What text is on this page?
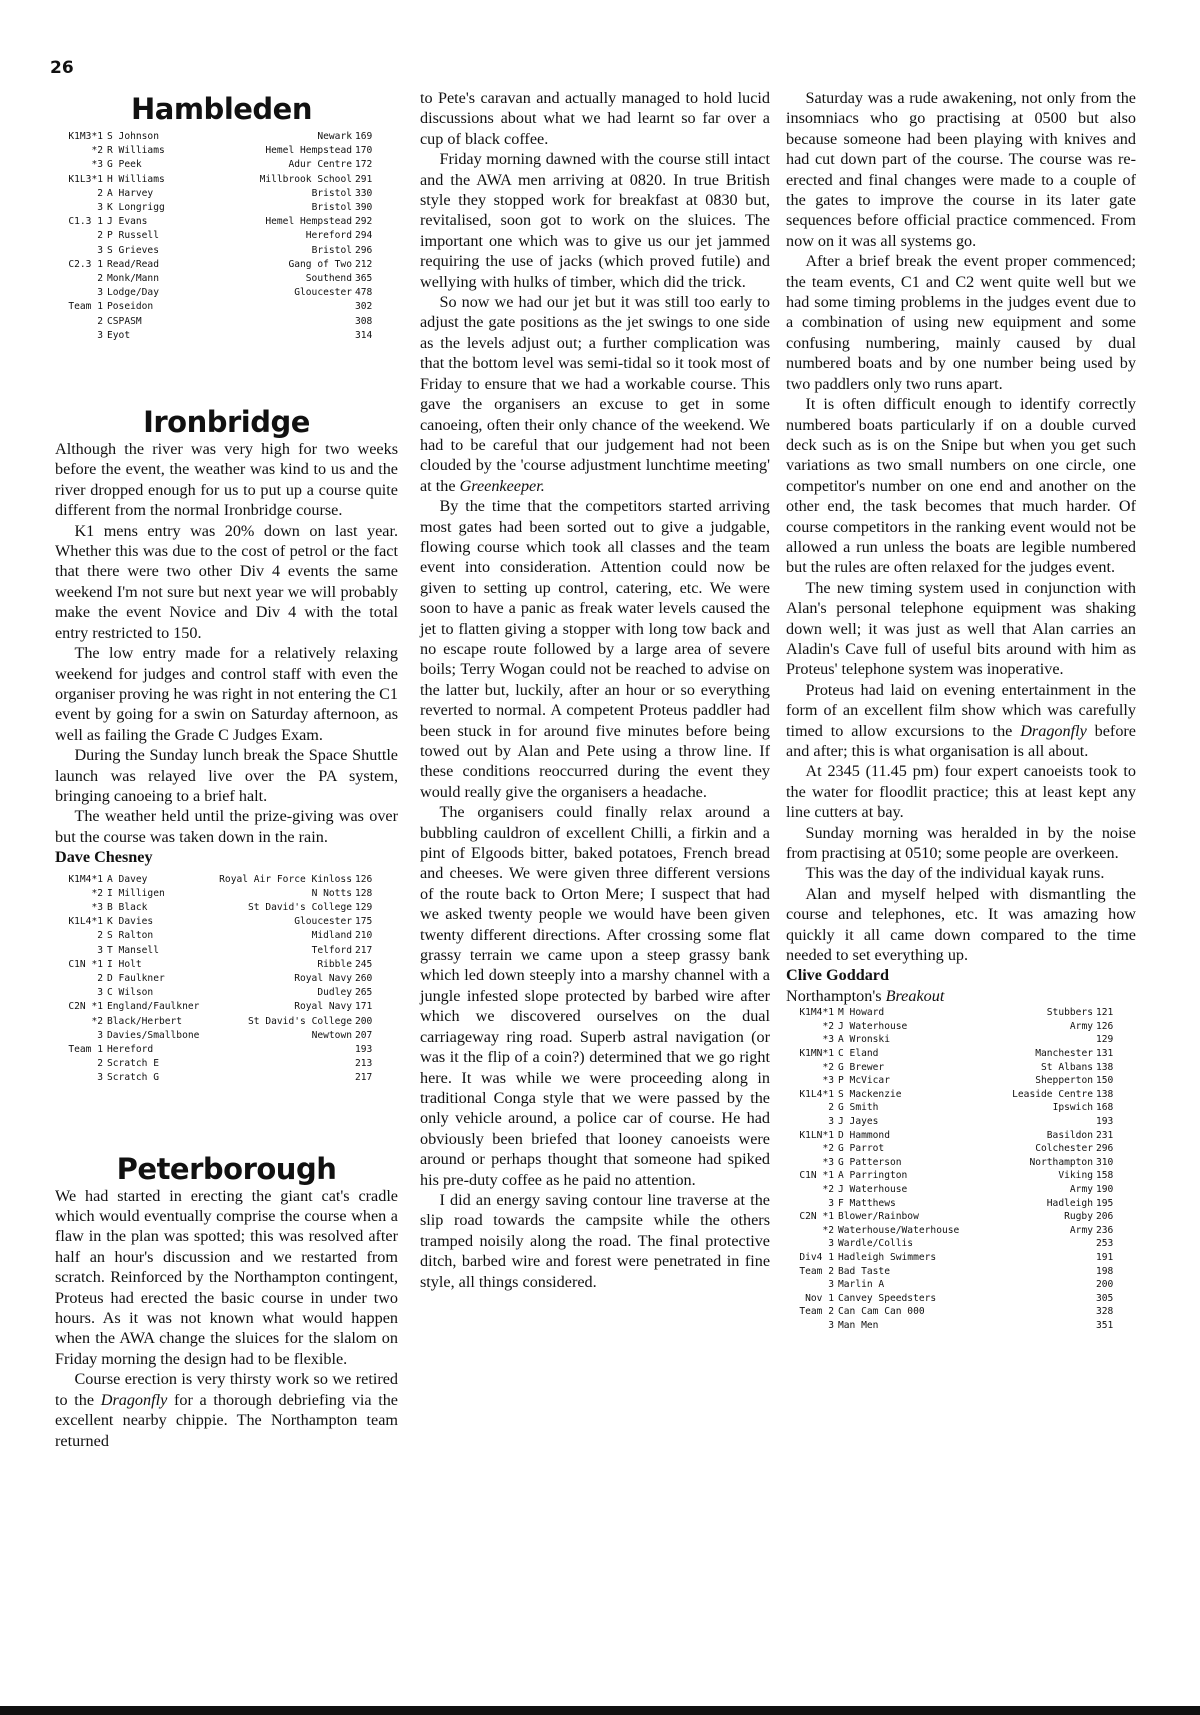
26
Hambleden
K1M3*1 S Johnson	Newark 169
*2 R Williams	Hemel Hempstead 170
*3 G Peek	Adur Centre 172
K1L3*1 H Williams	Millbrook School 291
2 A Harvey	Bristol 330
3 K Longrigg	Bristol 390
C1.3 1 J Evans	Hemel Hempstead 292
2 P Russell	Hereford 294
3 S Grieves	Bristol 296
C2.3 1 Read/Read	Gang of Two 212
2 Monk/Mann	Southend 365
3 Lodge/Day	Gloucester 478
Team 1 Poseidon	302
2 CSPASM	308
3 Eyot	314
Ironbridge

Although the river was very high for two weeks before the event, the weather was kind to us and the river dropped enough for us to put up a course quite different from the normal Ironbridge course.

K1 mens entry was 20% down on last year. Whether this was due to the cost of petrol or the fact that there were two other Div 4 events the same weekend I'm not sure but next year we will probably make the event Novice and Div 4 with the total entry restricted to 150.

The low entry made for a relatively relaxing weekend for judges and control staff with even the organiser proving he was right in not entering the C1 event by going for a swin on Saturday afternoon, as well as failing the Grade C Judges Exam.

During the Sunday lunch break the Space Shuttle launch was relayed live over the PA system, bringing canoeing to a brief halt.

The weather held until the prize-giving was over but the course was taken down in the rain.

Dave Chesney
K1M4*1 A Davey	Royal Air Force Kinloss 126
*2 I Milligen	N Notts 128
*3 B Black	St David's College 129
K1L4*1 K Davies	Gloucester 175
2 S Ralton	Midland 210
3 T Mansell	Telford 217
C1N *1 I Holt	Ribble 245
2 D Faulkner	Royal Navy 260
3 C Wilson	Dudley 265
C2N *1 England/Faulkner	Royal Navy 171
*2 Black/Herbert	St David's College 200
3 Davies/Smallbone	Newtown 207
Team 1 Hereford	193
2 Scratch E	213
3 Scratch G	217
Peterborough

We had started in erecting the giant cat's cradle which would eventually comprise the course when a flaw in the plan was spotted; this was resolved after half an hour's discussion and we restarted from scratch. Reinforced by the Northampton contingent, Proteus had erected the basic course in under two hours. As it was not known what would happen when the AWA change the sluices for the slalom on Friday morning the design had to be flexible.

Course erection is very thirsty work so we retired to the Dragonfly for a thorough debriefing via the excellent nearby chippie. The Northampton team returned

to Pete's caravan and actually managed to hold lucid discussions about what we had learnt so far over a cup of black coffee.

Friday morning dawned with the course still intact and the AWA men arriving at 0820. In true British style they stopped work for breakfast at 0830 but, revitalised, soon got to work on the sluices. The important one which was to give us our jet jammed requiring the use of jacks (which proved futile) and wellying with hulks of timber, which did the trick.

So now we had our jet but it was still too early to adjust the gate positions as the jet swings to one side as the levels adjust out; a further complication was that the bottom level was semi-tidal so it took most of Friday to ensure that we had a workable course. This gave the organisers an excuse to get in some canoeing, often their only chance of the weekend. We had to be careful that our judgement had not been clouded by the 'course adjustment lunchtime meeting' at the Greenkeeper.

By the time that the competitors started arriving most gates had been sorted out to give a judgable, flowing course which took all classes and the team event into consideration. Attention could now be given to setting up control, catering, etc. We were soon to have a panic as freak water levels caused the jet to flatten giving a stopper with long tow back and no escape route followed by a large area of severe boils; Terry Wogan could not be reached to advise on the latter but, luckily, after an hour or so everything reverted to normal. A competent Proteus paddler had been stuck in for around five minutes before being towed out by Alan and Pete using a throw line. If these conditions reoccurred during the event they would really give the organisers a headache.

The organisers could finally relax around a bubbling cauldron of excellent Chilli, a firkin and a pint of Elgoods bitter, baked potatoes, French bread and cheeses. We were given three different versions of the route back to Orton Mere; I suspect that had we asked twenty people we would have been given twenty different directions. After crossing some flat grassy terrain we came upon a steep grassy bank which led down steeply into a marshy channel with a jungle infested slope protected by barbed wire after which we discovered ourselves on the dual carriageway ring road. Superb astral navigation (or was it the flip of a coin?) determined that we go right here. It was while we were proceeding along in traditional Conga style that we were passed by the only vehicle around, a police car of course. He had obviously been briefed that looney canoeists were around or perhaps thought that someone had spiked his pre-duty coffee as he paid no attention.

I did an energy saving contour line traverse at the slip road towards the campsite while the others tramped noisily along the road. The final protective ditch, barbed wire and forest were penetrated in fine style, all things considered.

Saturday was a rude awakening, not only from the insomniacs who go practising at 0500 but also because someone had been playing with knives and had cut down part of the course. The course was re-erected and final changes were made to a couple of the gates to improve the course in its later gate sequences before official practice commenced. From now on it was all systems go.

After a brief break the event proper commenced; the team events, C1 and C2 went quite well but we had some timing problems in the judges event due to a combination of using new equipment and some confusing numbering, mainly caused by dual numbered boats and by one number being used by two paddlers only two runs apart.

It is often difficult enough to identify correctly numbered boats particularly if on a double curved deck such as is on the Snipe but when you get such variations as two small numbers on one circle, one competitor's number on one end and another on the other end, the task becomes that much harder. Of course competitors in the ranking event would not be allowed a run unless the boats are legible numbered but the rules are often relaxed for the judges event.

The new timing system used in conjunction with Alan's personal telephone equipment was shaking down well; it was just as well that Alan carries an Aladin's Cave full of useful bits around with him as Proteus' telephone system was inoperative.

Proteus had laid on evening entertainment in the form of an excellent film show which was carefully timed to allow excursions to the Dragonfly before and after; this is what organisation is all about.

At 2345 (11.45 pm) four expert canoeists took to the water for floodlit practice; this at least kept any line cutters at bay.

Sunday morning was heralded in by the noise from practising at 0510; some people are overkeen.

This was the day of the individual kayak runs.

Alan and myself helped with dismantling the course and telephones, etc. It was amazing how quickly it all came down compared to the time needed to set everything up.

Clive Goddard
Northampton's Breakout
K1M4*1 M Howard	Stubbers 121
*2 J Waterhouse	Army 126
*3 A Wronski	129
K1MN*1 C Eland	Manchester 131
*2 G Brewer	St Albans 138
*3 P McVicar	Shepperton 150
K1L4*1 S Mackenzie	Leaside Centre 138
2 G Smith	Ipswich 168
3 J Jayes	193
K1LN*1 D Hammond	Basildon 231
*2 G Parrot	Colchester 296
*3 G Patterson	Northampton 310
C1N *1 A Parrington	Viking 158
*2 J Waterhouse	Army 190
3 F Matthews	Hadleigh 195
C2N *1 Blower/Rainbow	Rugby 206
*2 Waterhouse/Waterhouse	Army 236
3 Wardle/Collis	253
Div4 1 Hadleigh Swimmers	191
Team 2 Bad Taste	198
3 Marlin A	200
Nov 1 Canvey Speedsters	305
Team 2 Can Cam Can 000	328
3 Man Men	351
